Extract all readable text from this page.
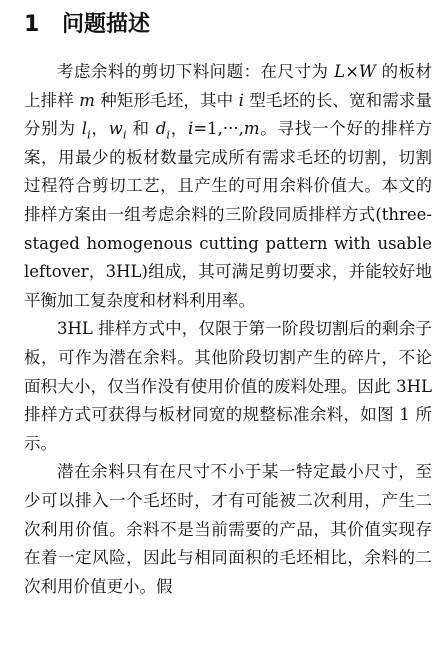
1 问题描述

考虑余料的剪切下料问题：在尺寸为 L×W 的板材上排样 m 种矩形毛坯，其中 i 型毛坯的长、宽和需求量分别为 $l_i$，$w_i$ 和 $d_i$，i=1,···,m。寻找一个好的排样方案，用最少的板材数量完成所有需求毛坯的切割，切割过程符合剪切工艺，且产生的可用余料价值大。本文的排样方案由一组考虑余料的三阶段同质排样方式(three-staged homogenous cutting pattern with usable leftover，3HL)组成，其可满足剪切要求，并能较好地平衡加工复杂度和材料利用率。

3HL 排样方式中，仅限于第一阶段切割后的剩余子板，可作为潜在余料。其他阶段切割产生的碎片，不论面积大小，仅当作没有使用价值的废料处理。因此 3HL 排样方式可获得与板材同宽的规整标准余料，如图 1 所示。

潜在余料只有在尺寸不小于某一特定最小尺寸，至少可以排入一个毛坯时，才有可能被二次利用，产生二次利用价值。余料不是当前需要的产品，其价值实现存在着一定风险，因此与相同面积的毛坯相比，余料的二次利用价值更小。假
